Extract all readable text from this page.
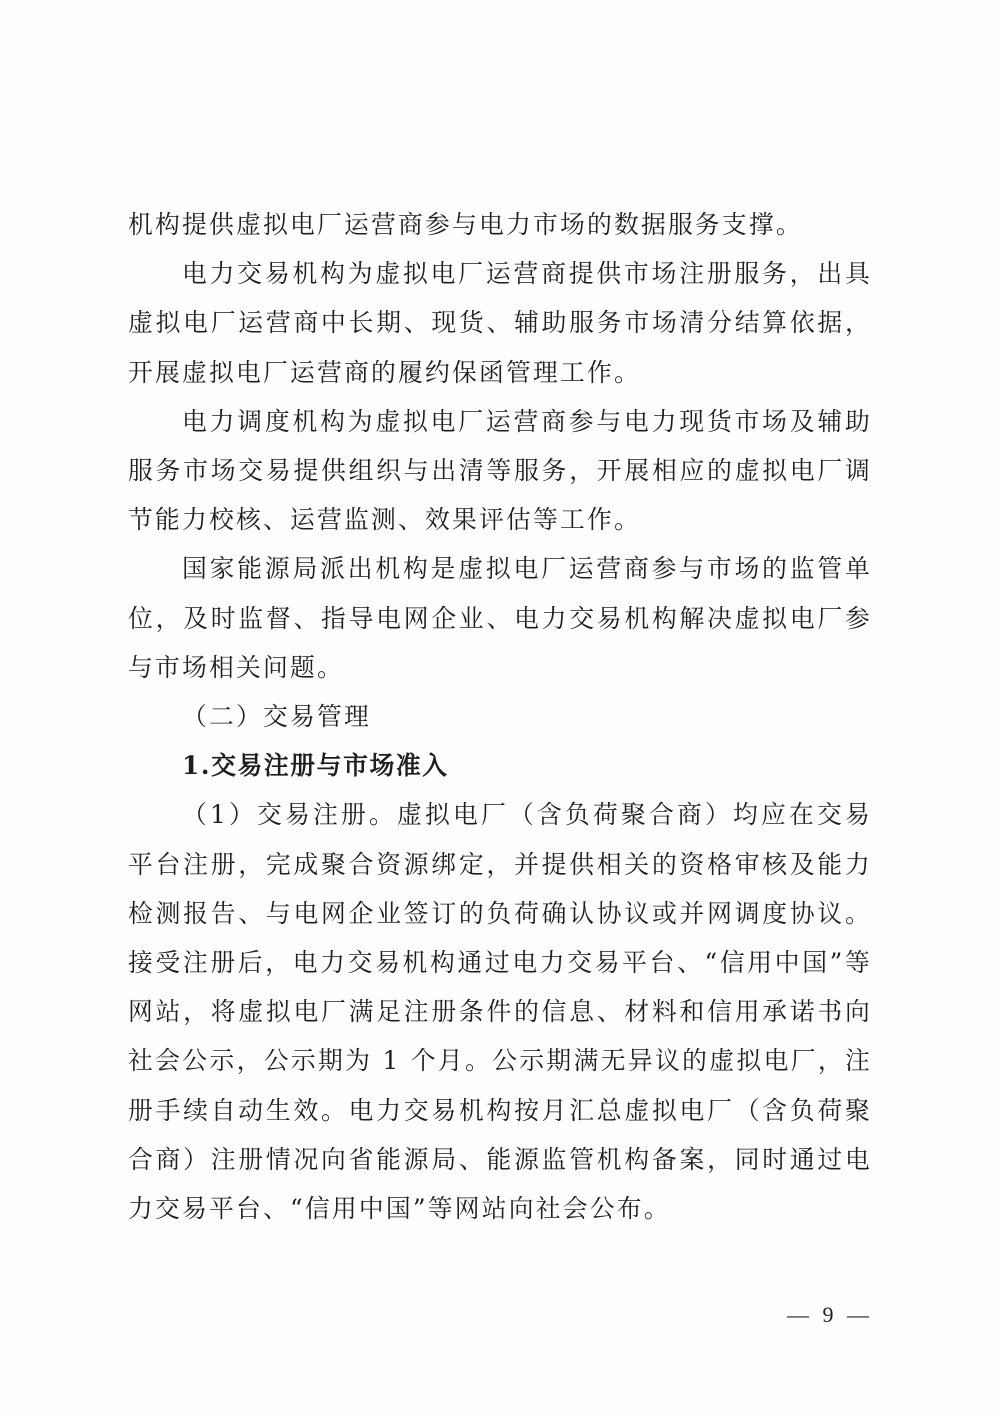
机构提供虚拟电厂运营商参与电力市场的数据服务支撑。

电力交易机构为虚拟电厂运营商提供市场注册服务，出具虚拟电厂运营商中长期、现货、辅助服务市场清分结算依据，开展虚拟电厂运营商的履约保函管理工作。

电力调度机构为虚拟电厂运营商参与电力现货市场及辅助服务市场交易提供组织与出清等服务，开展相应的虚拟电厂调节能力校核、运营监测、效果评估等工作。

国家能源局派出机构是虚拟电厂运营商参与市场的监管单位，及时监督、指导电网企业、电力交易机构解决虚拟电厂参与市场相关问题。

（二）交易管理

1.交易注册与市场准入

（1）交易注册。虚拟电厂（含负荷聚合商）均应在交易平台注册，完成聚合资源绑定，并提供相关的资格审核及能力检测报告、与电网企业签订的负荷确认协议或并网调度协议。接受注册后，电力交易机构通过电力交易平台、“信用中国”等网站，将虚拟电厂满足注册条件的信息、材料和信用承诺书向社会公示，公示期为 1 个月。公示期满无异议的虚拟电厂，注册手续自动生效。电力交易机构按月汇总虚拟电厂（含负荷聚合商）注册情况向省能源局、能源监管机构备案，同时通过电力交易平台、“信用中国”等网站向社会公布。

— 9 —
